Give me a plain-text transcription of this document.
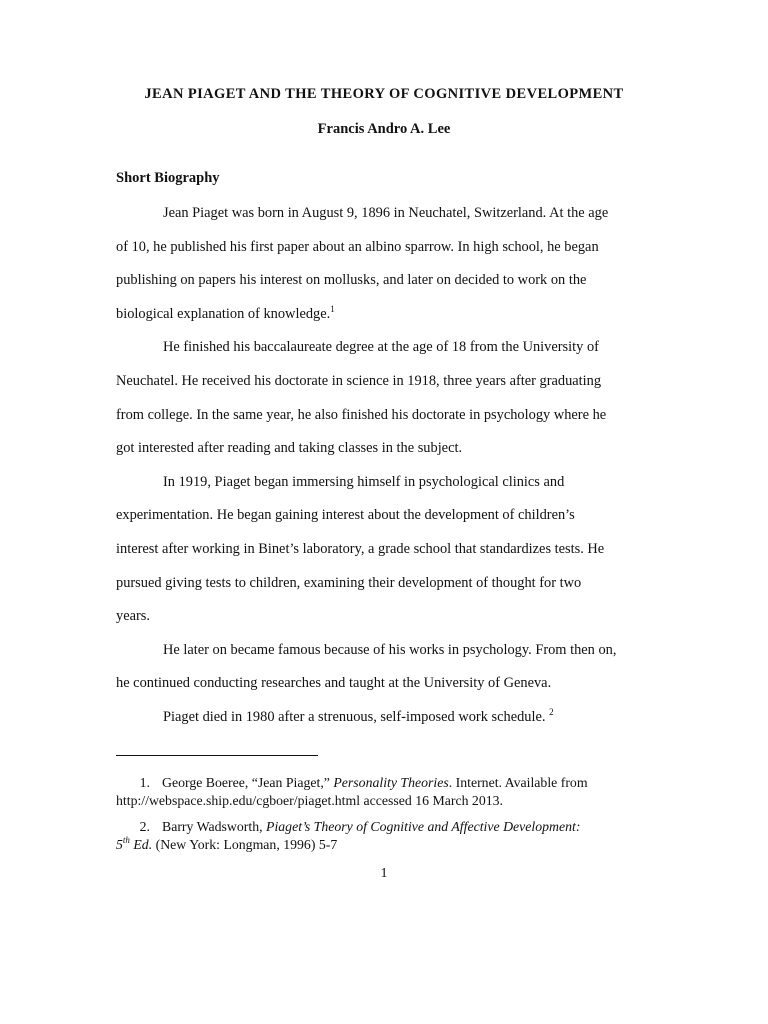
JEAN PIAGET AND THE THEORY OF COGNITIVE DEVELOPMENT
Francis Andro A. Lee
Short Biography
Jean Piaget was born in August 9, 1896 in Neuchatel, Switzerland. At the age
of 10, he published his first paper about an albino sparrow. In high school, he began
publishing on papers his interest on mollusks, and later on decided to work on the
biological explanation of knowledge.$^1$
He finished his baccalaureate degree at the age of 18 from the University of
Neuchatel. He received his doctorate in science in 1918, three years after graduating
from college. In the same year, he also finished his doctorate in psychology where he
got interested after reading and taking classes in the subject.
In 1919, Piaget began immersing himself in psychological clinics and
experimentation. He began gaining interest about the development of children’s
interest after working in Binet’s laboratory, a grade school that standardizes tests. He
pursued giving tests to children, examining their development of thought for two
years.
He later on became famous because of his works in psychology. From then on,
he continued conducting researches and taught at the University of Geneva.
Piaget died in 1980 after a strenuous, self-imposed work schedule. $^2$

1. George Boeree, “Jean Piaget,” Personality Theories. Internet. Available from
http://webspace.ship.edu/cgboer/piaget.html accessed 16 March 2013.

2. Barry Wadsworth, Piaget’s Theory of Cognitive and Affective Development:
5th Ed. (New York: Longman, 1996) 5-7

1
